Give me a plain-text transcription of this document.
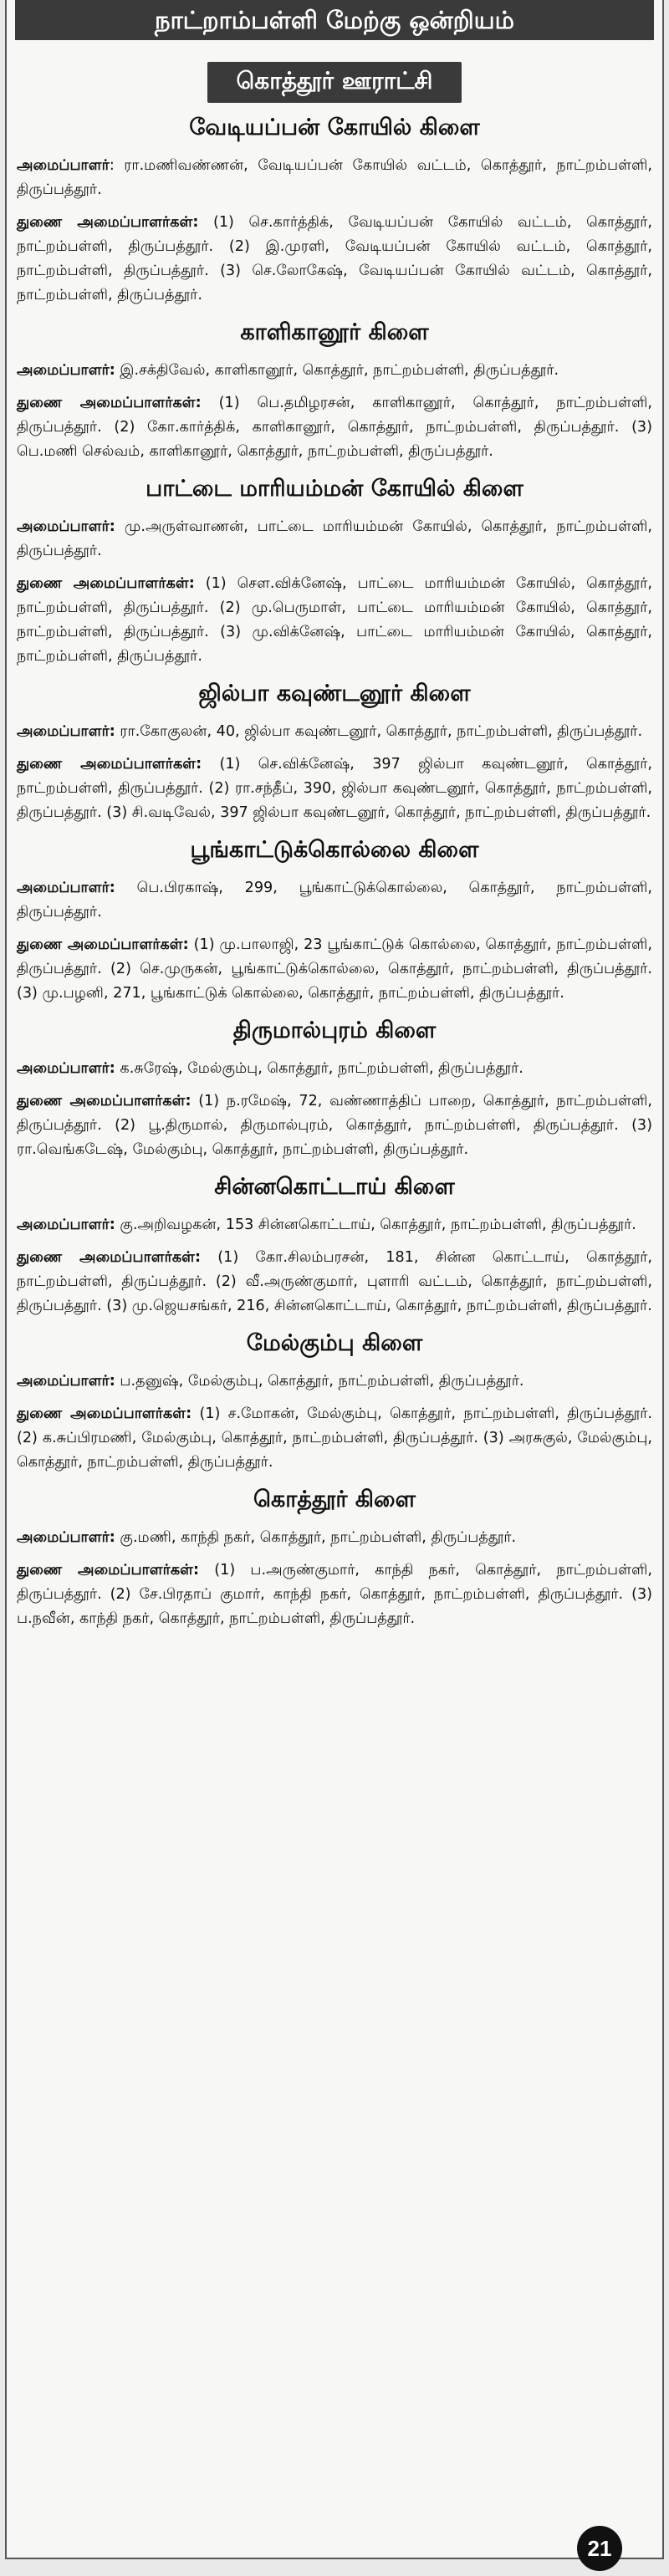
நாட்றாம்பள்ளி மேற்கு ஒன்றியம்
கொத்தூர் ஊராட்சி
வேடியப்பன் கோயில் கிளை

அமைப்பாளர்: ரா.மணிவண்ணன், வேடியப்பன் கோயில் வட்டம், கொத்தூர், நாட்றம்பள்ளி, திருப்பத்தூர்.

துணை அமைப்பாளர்கள்: (1) செ.கார்த்திக், வேடியப்பன் கோயில் வட்டம், கொத்தூர், நாட்றம்பள்ளி, திருப்பத்தூர். (2) இ.முரளி, வேடியப்பன் கோயில் வட்டம், கொத்தூர், நாட்றம்பள்ளி, திருப்பத்தூர். (3) செ.லோகேஷ், வேடியப்பன் கோயில் வட்டம், கொத்தூர், நாட்றம்பள்ளி, திருப்பத்தூர்.

காளிகானூர் கிளை

அமைப்பாளர்: இ.சக்திவேல், காளிகானூர், கொத்தூர், நாட்றம்பள்ளி, திருப்பத்தூர்.

துணை அமைப்பாளர்கள்: (1) பெ.தமிழரசன், காளிகானூர், கொத்தூர், நாட்றம்பள்ளி, திருப்பத்தூர். (2) கோ.கார்த்திக், காளிகானூர், கொத்தூர், நாட்றம்பள்ளி, திருப்பத்தூர். (3) பெ.மணி செல்வம், காளிகானூர், கொத்தூர், நாட்றம்பள்ளி, திருப்பத்தூர்.

பாட்டை மாரியம்மன் கோயில் கிளை

அமைப்பாளர்: மு.அருள்வாணன், பாட்டை மாரியம்மன் கோயில், கொத்தூர், நாட்றம்பள்ளி, திருப்பத்தூர்.

துணை அமைப்பாளர்கள்: (1) செள.விக்னேஷ், பாட்டை மாரியம்மன் கோயில், கொத்தூர், நாட்றம்பள்ளி, திருப்பத்தூர். (2) மு.பெருமாள், பாட்டை மாரியம்மன் கோயில், கொத்தூர், நாட்றம்பள்ளி, திருப்பத்தூர். (3) மு.விக்னேஷ், பாட்டை மாரியம்மன் கோயில், கொத்தூர், நாட்றம்பள்ளி, திருப்பத்தூர்.

ஜில்பா கவுண்டனூர் கிளை

அமைப்பாளர்: ரா.கோகுலன், 40, ஜில்பா கவுண்டனூர், கொத்தூர், நாட்றம்பள்ளி, திருப்பத்தூர்.

துணை அமைப்பாளர்கள்: (1) செ.விக்னேஷ், 397 ஜில்பா கவுண்டனூர், கொத்தூர், நாட்றம்பள்ளி, திருப்பத்தூர். (2) ரா.சந்தீப், 390, ஜில்பா கவுண்டனூர், கொத்தூர், நாட்றம்பள்ளி, திருப்பத்தூர். (3) சி.வடிவேல், 397 ஜில்பா கவுண்டனூர், கொத்தூர், நாட்றம்பள்ளி, திருப்பத்தூர்.

பூங்காட்டுக்கொல்லை கிளை

அமைப்பாளர்: பெ.பிரகாஷ், 299, பூங்காட்டுக்கொல்லை, கொத்தூர், நாட்றம்பள்ளி, திருப்பத்தூர்.

துணை அமைப்பாளர்கள்: (1) மு.பாலாஜி, 23 பூங்காட்டுக் கொல்லை, கொத்தூர், நாட்றம்பள்ளி, திருப்பத்தூர். (2) செ.முருகன், பூங்காட்டுக்கொல்லை, கொத்தூர், நாட்றம்பள்ளி, திருப்பத்தூர். (3) மு.பழனி, 271, பூங்காட்டுக் கொல்லை, கொத்தூர், நாட்றம்பள்ளி, திருப்பத்தூர்.

திருமால்புரம் கிளை

அமைப்பாளர்: க.சுரேஷ், மேல்கும்பு, கொத்தூர், நாட்றம்பள்ளி, திருப்பத்தூர்.

துணை அமைப்பாளர்கள்: (1) ந.ரமேஷ், 72, வண்ணாத்திப் பாறை, கொத்தூர், நாட்றம்பள்ளி, திருப்பத்தூர். (2) பூ.திருமால், திருமால்புரம், கொத்தூர், நாட்றம்பள்ளி, திருப்பத்தூர். (3) ரா.வெங்கடேஷ், மேல்கும்பு, கொத்தூர், நாட்றம்பள்ளி, திருப்பத்தூர்.

சின்னகொட்டாய் கிளை

அமைப்பாளர்: கு.அறிவழகன், 153 சின்னகொட்டாய், கொத்தூர், நாட்றம்பள்ளி, திருப்பத்தூர்.

துணை அமைப்பாளர்கள்: (1) கோ.சிலம்பரசன், 181, சின்ன கொட்டாய், கொத்தூர், நாட்றம்பள்ளி, திருப்பத்தூர். (2) வீ.அருண்குமார், புளாரி வட்டம், கொத்தூர், நாட்றம்பள்ளி, திருப்பத்தூர். (3) மு.ஜெயசங்கர், 216, சின்னகொட்டாய், கொத்தூர், நாட்றம்பள்ளி, திருப்பத்தூர்.

மேல்கும்பு கிளை

அமைப்பாளர்: ப.தனுஷ், மேல்கும்பு, கொத்தூர், நாட்றம்பள்ளி, திருப்பத்தூர்.

துணை அமைப்பாளர்கள்: (1) ச.மோகன், மேல்கும்பு, கொத்தூர், நாட்றம்பள்ளி, திருப்பத்தூர். (2) க.சுப்பிரமணி, மேல்கும்பு, கொத்தூர், நாட்றம்பள்ளி, திருப்பத்தூர். (3) அரசுகுல், மேல்கும்பு, கொத்தூர், நாட்றம்பள்ளி, திருப்பத்தூர்.

கொத்தூர் கிளை

அமைப்பாளர்: கு.மணி, காந்தி நகர், கொத்தூர், நாட்றம்பள்ளி, திருப்பத்தூர்.

துணை அமைப்பாளர்கள்: (1) ப.அருண்குமார், காந்தி நகர், கொத்தூர், நாட்றம்பள்ளி, திருப்பத்தூர். (2) சே.பிரதாப் குமார், காந்தி நகர், கொத்தூர், நாட்றம்பள்ளி, திருப்பத்தூர். (3) ப.நவீன், காந்தி நகர், கொத்தூர், நாட்றம்பள்ளி, திருப்பத்தூர்.

21
